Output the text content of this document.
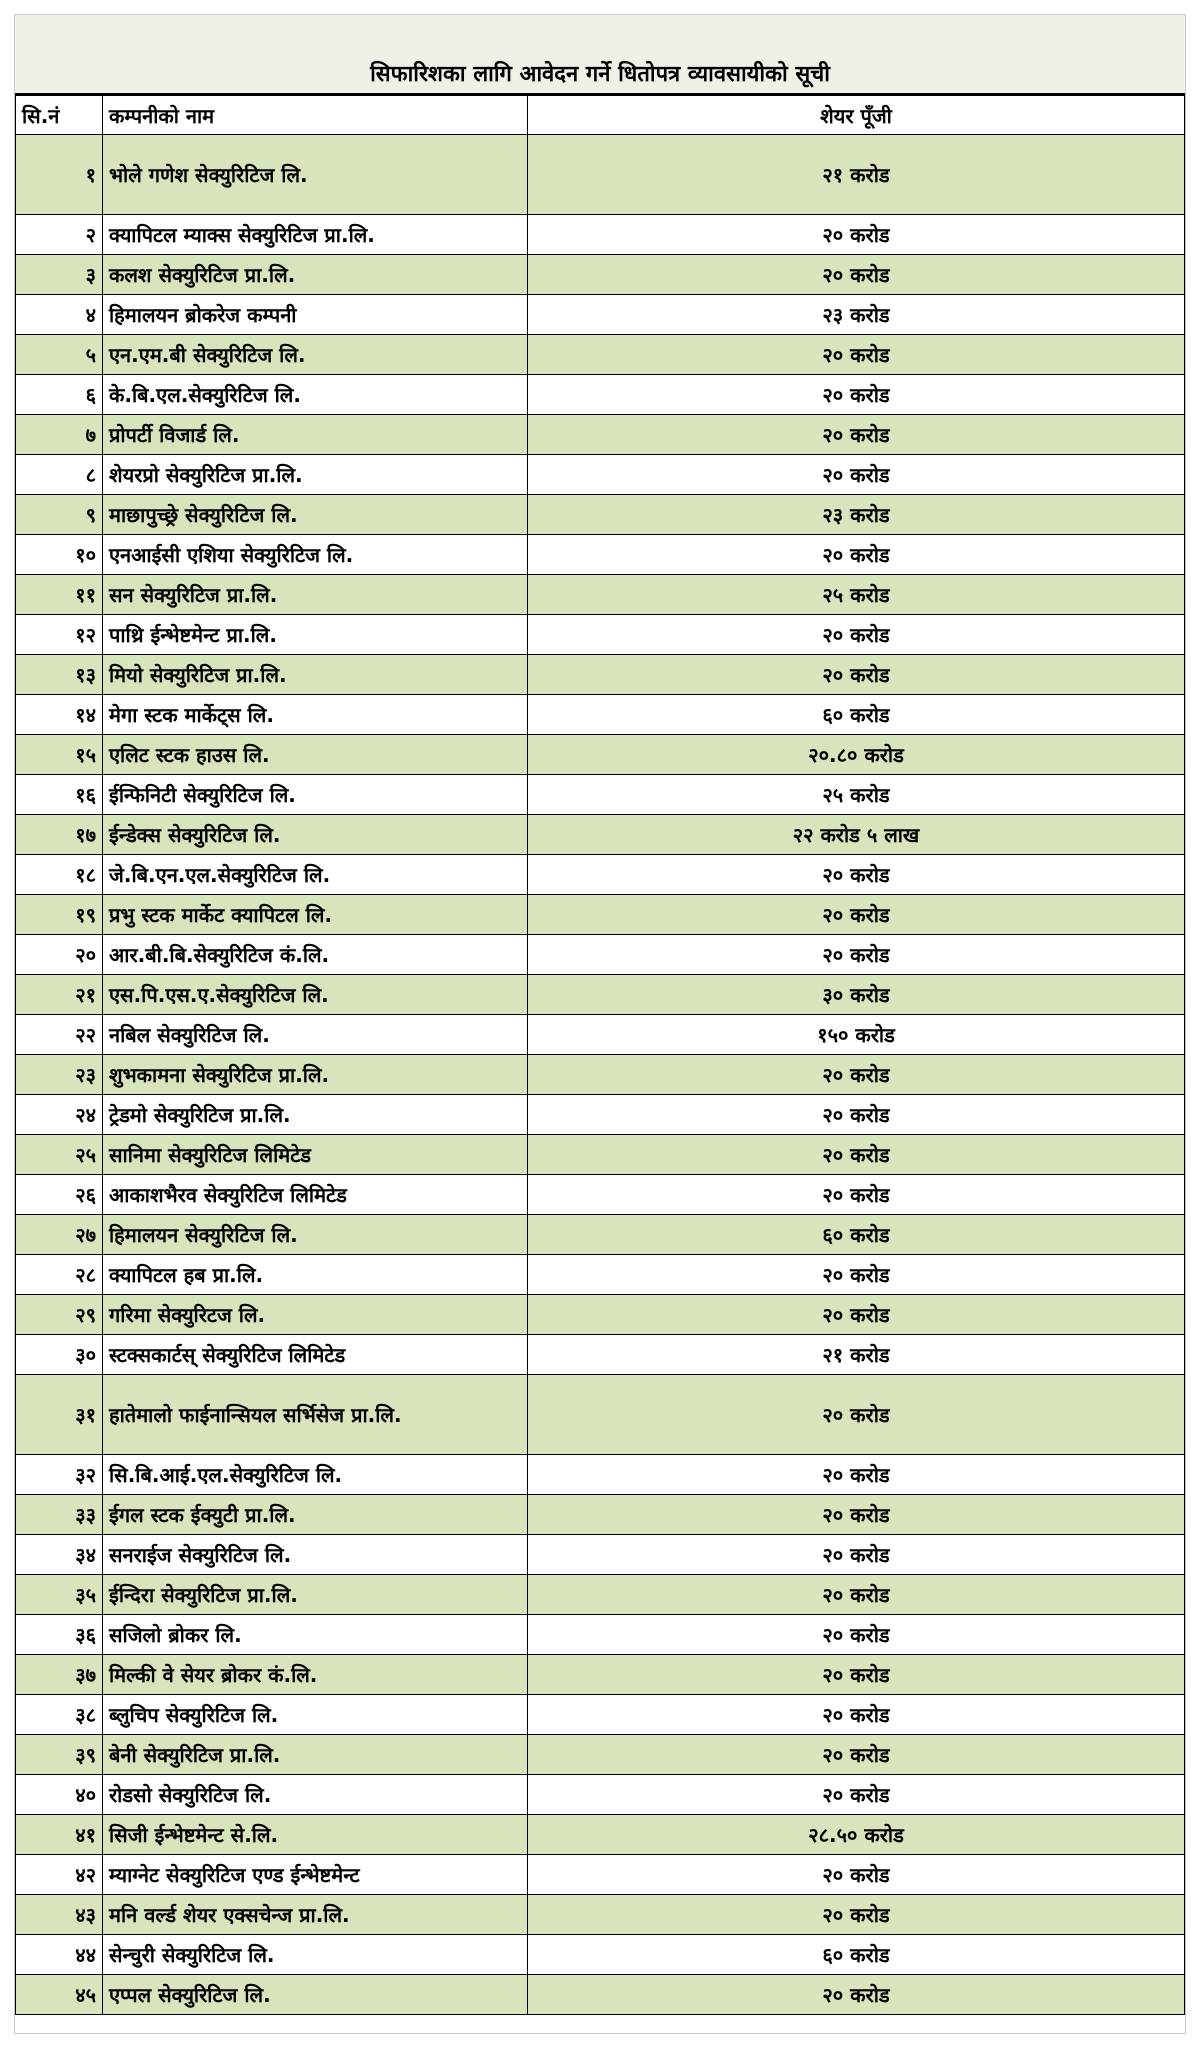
सिफारिशका लागि आवेदन गर्ने धितोपत्र व्यावसायीको सूची
सि.नं	कम्पनीको नाम	शेयर पूँजी
१	भोले गणेश सेक्युरिटिज लि.	२१ करोड
२	क्यापिटल म्याक्स सेक्युरिटिज प्रा.लि.	२० करोड
३	कलश सेक्युरिटिज प्रा.लि.	२० करोड
४	हिमालयन ब्रोकरेज कम्पनी	२३ करोड
५	एन.एम.बी सेक्युरिटिज लि.	२० करोड
६	के.बि.एल.सेक्युरिटिज लि.	२० करोड
७	प्रोपर्टी विजार्ड लि.	२० करोड
८	शेयरप्रो सेक्युरिटिज प्रा.लि.	२० करोड
९	माछापुच्छ्रे सेक्युरिटिज लि.	२३ करोड
१०	एनआईसी एशिया सेक्युरिटिज लि.	२० करोड
११	सन सेक्युरिटिज प्रा.लि.	२५ करोड
१२	पाथ्रि ईन्भेष्टमेन्ट प्रा.लि.	२० करोड
१३	मियो सेक्युरिटिज प्रा.लि.	२० करोड
१४	मेगा स्टक मार्केट्स लि.	६० करोड
१५	एलिट स्टक हाउस लि.	२०.८० करोड
१६	ईन्फिनिटी सेक्युरिटिज लि.	२५ करोड
१७	ईन्डेक्स सेक्युरिटिज लि.	२२ करोड ५ लाख
१८	जे.बि.एन.एल.सेक्युरिटिज लि.	२० करोड
१९	प्रभु स्टक मार्केट क्यापिटल लि.	२० करोड
२०	आर.बी.बि.सेक्युरिटिज कं.लि.	२० करोड
२१	एस.पि.एस.ए.सेक्युरिटिज लि.	३० करोड
२२	नबिल सेक्युरिटिज लि.	१५० करोड
२३	शुभकामना सेक्युरिटिज प्रा.लि.	२० करोड
२४	ट्रेडमो सेक्युरिटिज प्रा.लि.	२० करोड
२५	सानिमा सेक्युरिटिज लिमिटेड	२० करोड
२६	आकाशभैरव सेक्युरिटिज लिमिटेड	२० करोड
२७	हिमालयन सेक्युरिटिज लि.	६० करोड
२८	क्यापिटल हब प्रा.लि.	२० करोड
२९	गरिमा सेक्युरिटज लि.	२० करोड
३०	स्टक्सकार्टस् सेक्युरिटिज लिमिटेड	२१ करोड
३१	हातेमालो फाईनान्सियल सर्भिसेज प्रा.लि.	२० करोड
३२	सि.बि.आई.एल.सेक्युरिटिज लि.	२० करोड
३३	ईगल स्टक ईक्युटी प्रा.लि.	२० करोड
३४	सनराईज सेक्युरिटिज लि.	२० करोड
३५	ईन्दिरा सेक्युरिटिज प्रा.लि.	२० करोड
३६	सजिलो ब्रोकर लि.	२० करोड
३७	मिल्की वे सेयर ब्रोकर कं.लि.	२० करोड
३८	ब्लुचिप सेक्युरिटिज लि.	२० करोड
३९	बेनी सेक्युरिटिज प्रा.लि.	२० करोड
४०	रोडसो सेक्युरिटिज लि.	२० करोड
४१	सिजी ईन्भेष्टमेन्ट से.लि.	२८.५० करोड
४२	म्याग्नेट सेक्युरिटिज एण्ड ईन्भेष्टमेन्ट	२० करोड
४३	मनि वर्ल्ड शेयर एक्सचेन्ज प्रा.लि.	२० करोड
४४	सेन्चुरी सेक्युरिटिज लि.	६० करोड
४५	एप्पल सेक्युरिटिज लि.	२० करोड
